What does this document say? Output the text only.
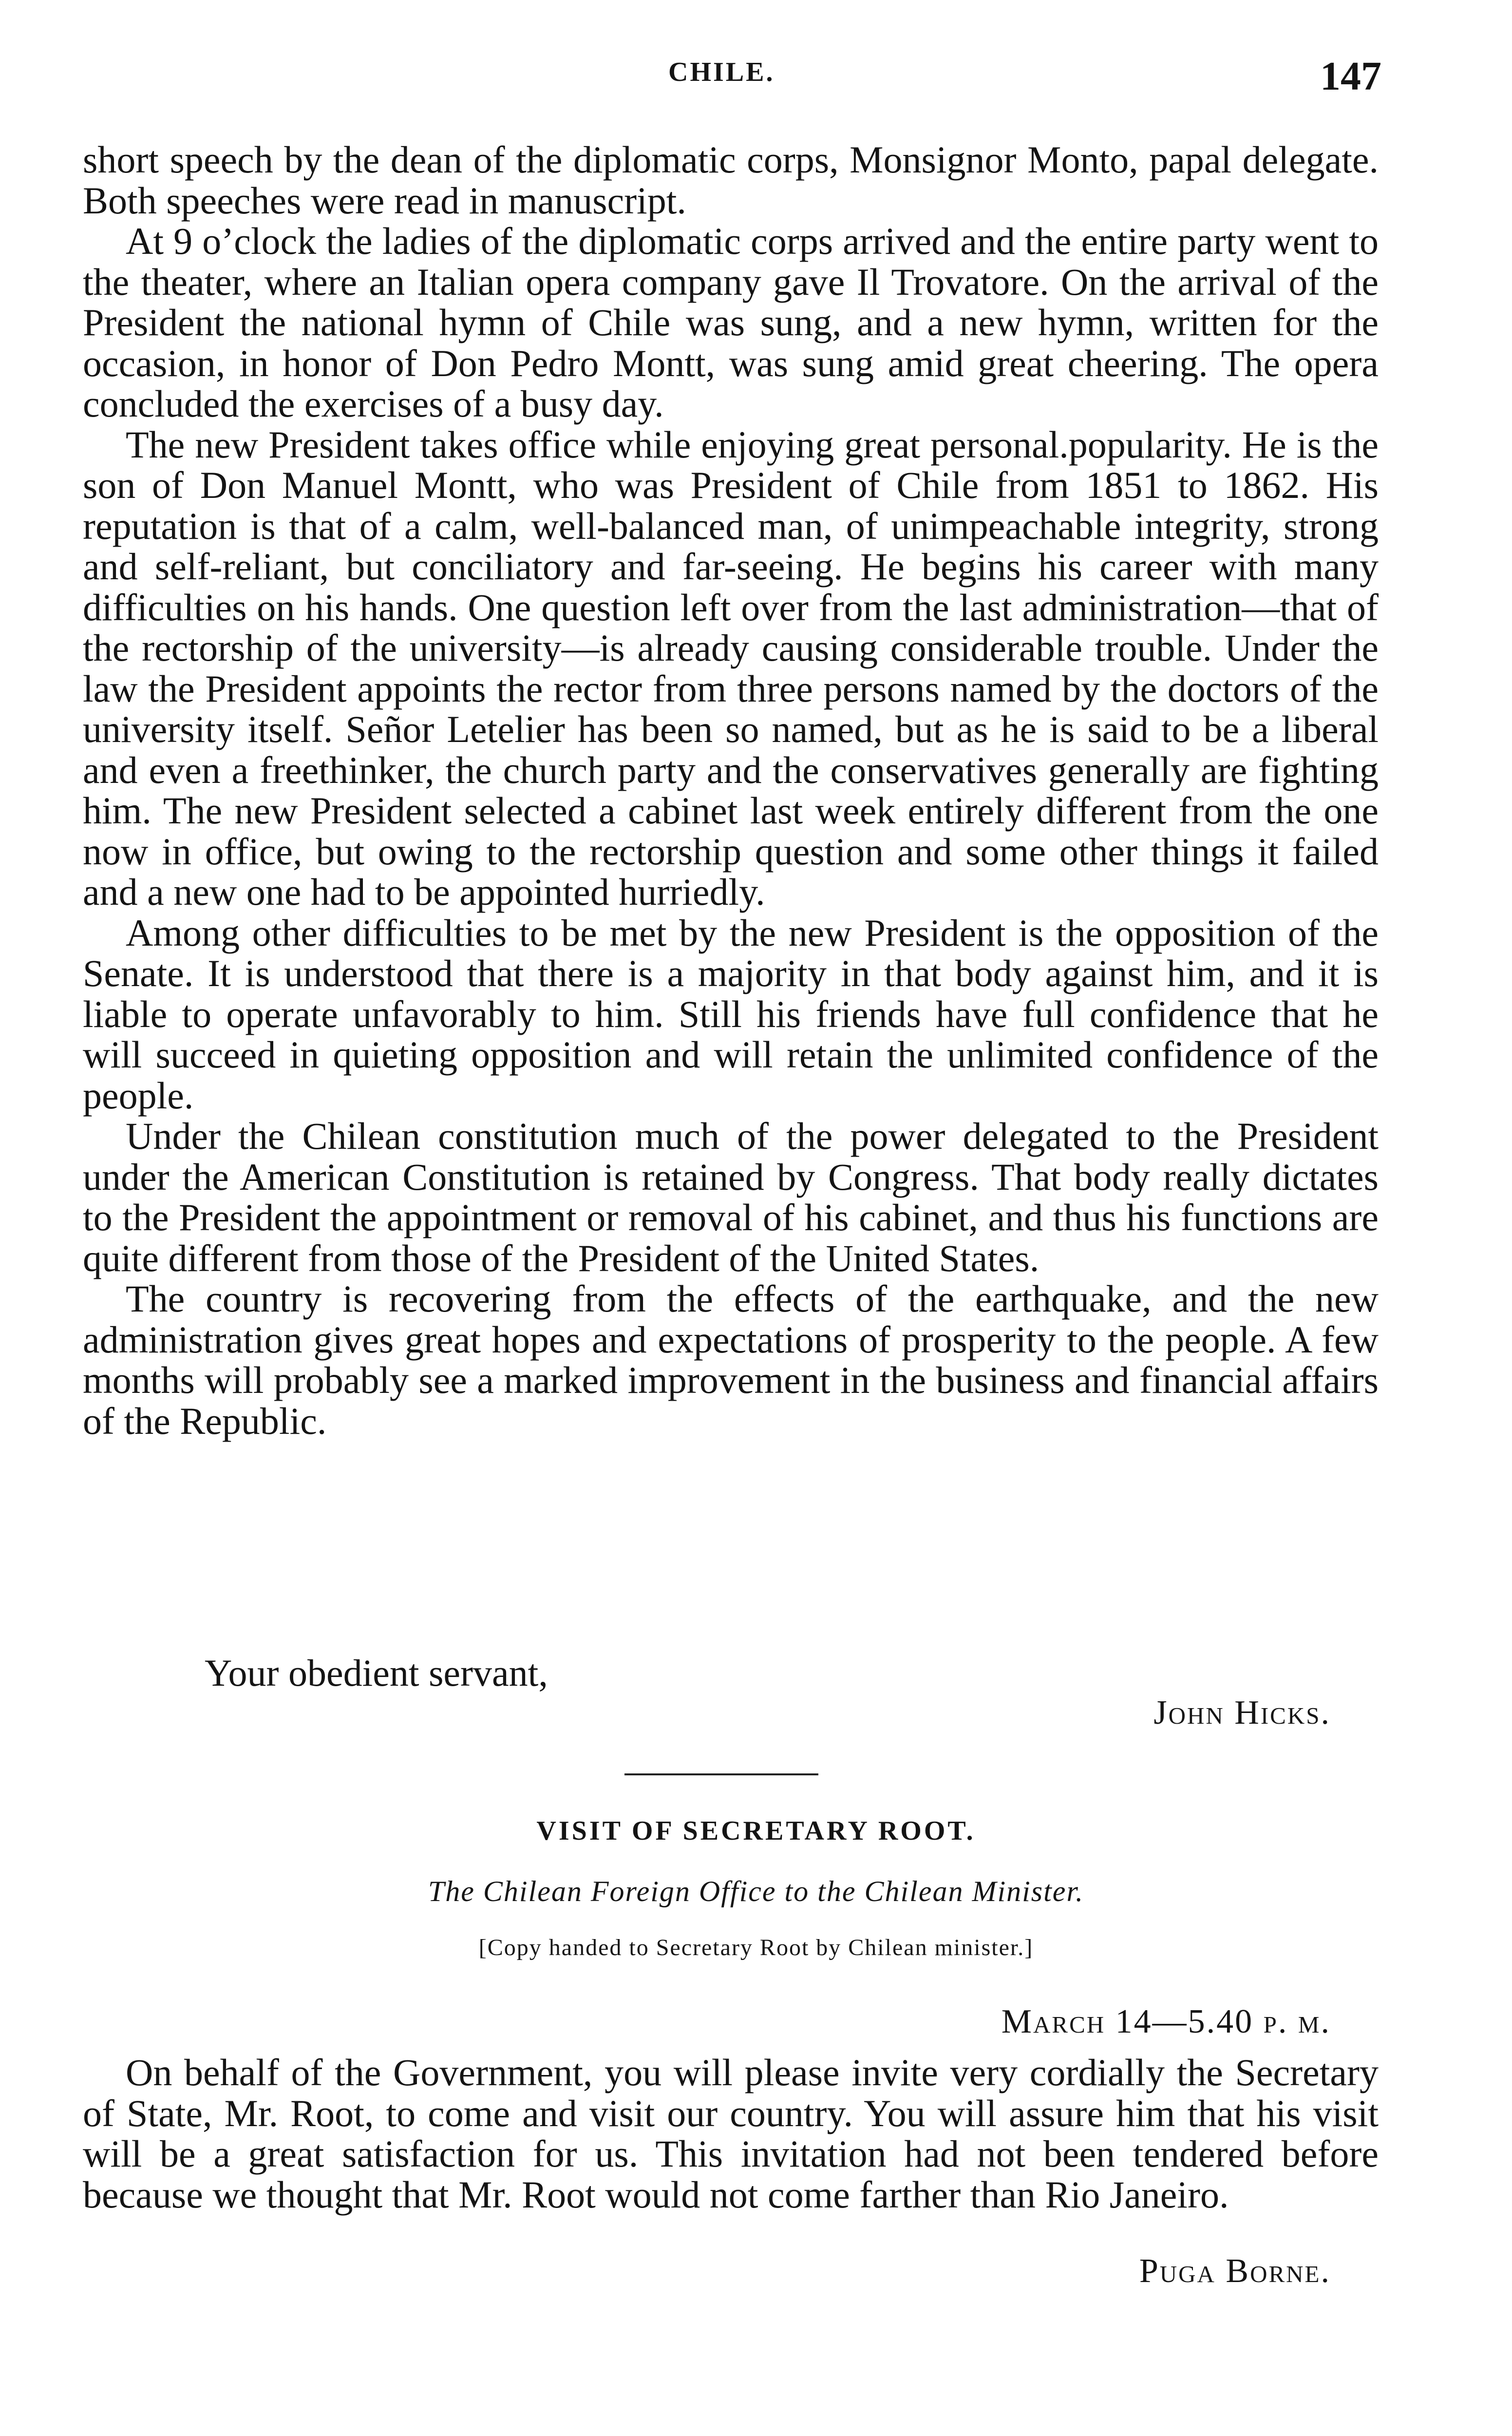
CHILE.	147

short speech by the dean of the diplomatic corps, Monsignor Monto, papal delegate. Both speeches were read in manuscript.

At 9 o’clock the ladies of the diplomatic corps arrived and the entire party went to the theater, where an Italian opera company gave Il Trovatore. On the arrival of the President the national hymn of Chile was sung, and a new hymn, written for the occasion, in honor of Don Pedro Montt, was sung amid great cheering. The opera concluded the exercises of a busy day.

The new President takes office while enjoying great personal.popularity. He is the son of Don Manuel Montt, who was President of Chile from 1851 to 1862. His reputation is that of a calm, well-balanced man, of unimpeachable integrity, strong and self-reliant, but conciliatory and far-seeing. He begins his career with many difficulties on his hands. One question left over from the last administration—that of the rectorship of the university—is already causing considerable trouble. Under the law the President appoints the rector from three persons named by the doctors of the university itself. Señor Letelier has been so named, but as he is said to be a liberal and even a freethinker, the church party and the conservatives generally are fighting him. The new President selected a cabinet last week entirely different from the one now in office, but owing to the rectorship question and some other things it failed and a new one had to be appointed hurriedly.

Among other difficulties to be met by the new President is the opposition of the Senate. It is understood that there is a majority in that body against him, and it is liable to operate unfavorably to him. Still his friends have full confidence that he will succeed in quieting opposition and will retain the unlimited confidence of the people.

Under the Chilean constitution much of the power delegated to the President under the American Constitution is retained by Congress. That body really dictates to the President the appointment or removal of his cabinet, and thus his functions are quite different from those of the President of the United States.

The country is recovering from the effects of the earthquake, and the new administration gives great hopes and expectations of prosperity to the people. A few months will probably see a marked improvement in the business and financial affairs of the Republic.

Your obedient servant,
John Hicks.
VISIT OF SECRETARY ROOT.
The Chilean Foreign Office to the Chilean Minister.
[Copy handed to Secretary Root by Chilean minister.]
March 14—5.40 p. m.

On behalf of the Government, you will please invite very cordially the Secretary of State, Mr. Root, to come and visit our country. You will assure him that his visit will be a great satisfaction for us. This invitation had not been tendered before because we thought that Mr. Root would not come farther than Rio Janeiro.

Puga Borne.
